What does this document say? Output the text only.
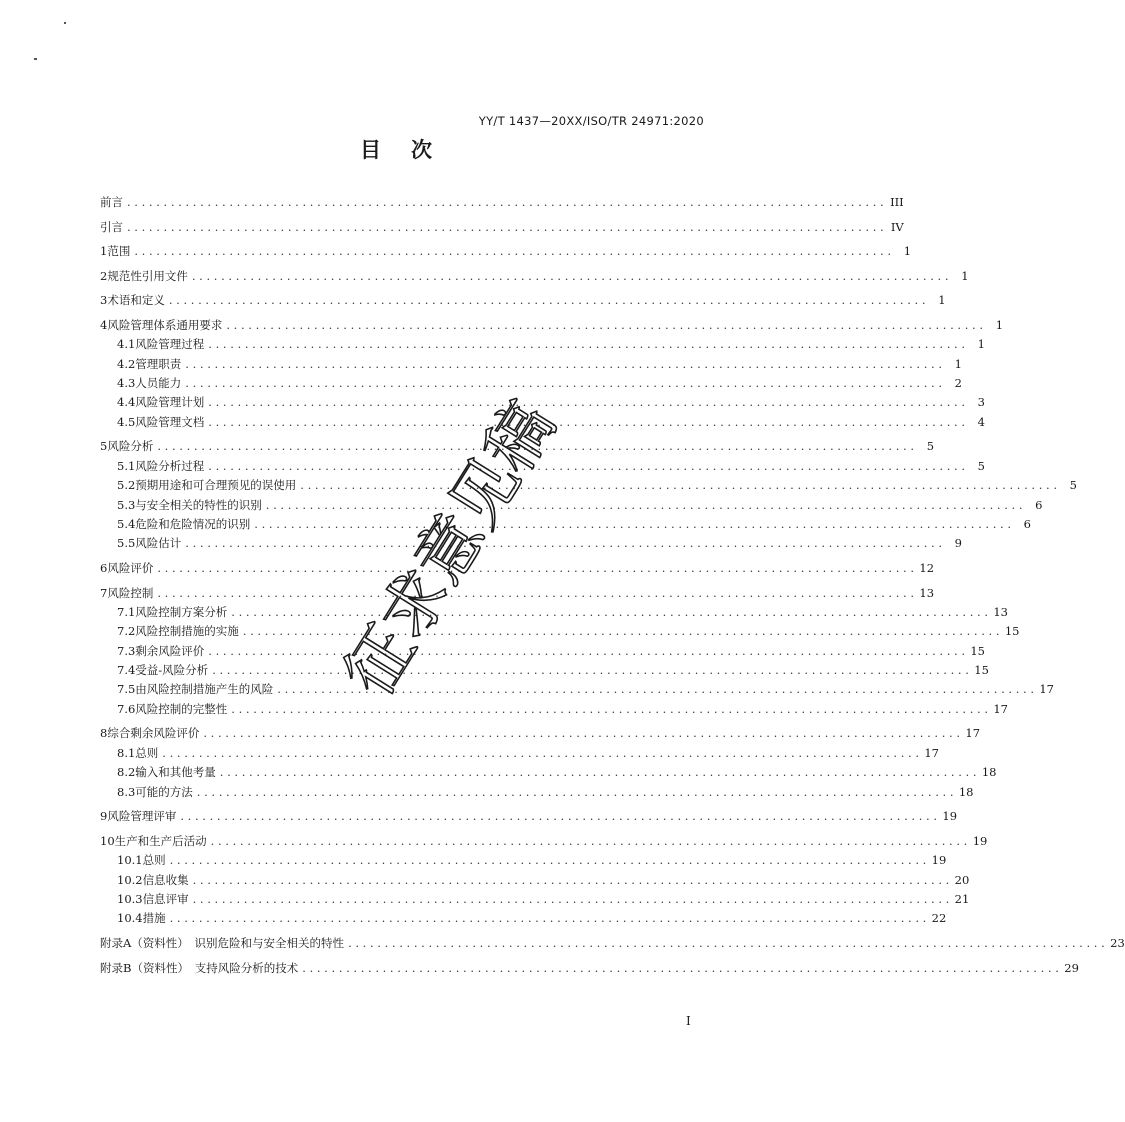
YY/T 1437—20XX/ISO/TR 24971:2020
目次
前言 . . .	III
引言 . . .	IV
1 范围 . . .	1
2 规范性引用文件 . . .	1
3 术语和定义 . . .	1
4 风险管理体系通用要求 . . .	1
4.1 风险管理过程 . . .	1
4.2 管理职责 . . .	1
4.3 人员能力 . . .	2
4.4 风险管理计划 . . .	3
4.5 风险管理文档 . . .	4
5 风险分析 . . .	5
5.1 风险分析过程 . . .	5
5.2 预期用途和可合理预见的误使用 . . .	5
5.3 与安全相关的特性的识别 . . .	6
5.4 危险和危险情况的识别 . . .	6
5.5 风险估计 . . .	9
6 风险评价 . . .	12
7 风险控制 . . .	13
7.1 风险控制方案分析 . . .	13
7.2 风险控制措施的实施 . . .	15
7.3 剩余风险评价 . . .	15
7.4 受益-风险分析 . . .	15
7.5 由风险控制措施产生的风险 . . .	17
7.6 风险控制的完整性 . . .	17
8 综合剩余风险评价 . . .	17
8.1 总则 . . .	17
8.2 输入和其他考量 . . .	18
8.3 可能的方法 . . .	18
9 风险管理评审 . . .	19
10 生产和生产后活动 . . .	19
10.1 总则 . . .	19
10.2 信息收集 . . .	20
10.3 信息评审 . . .	21
10.4 措施 . . .	22
附录A（资料性）　识别危险和与安全相关的特性 . . .	23
附录B（资料性）　支持风险分析的技术 . . .	29
征
求
意
见
稿
I
